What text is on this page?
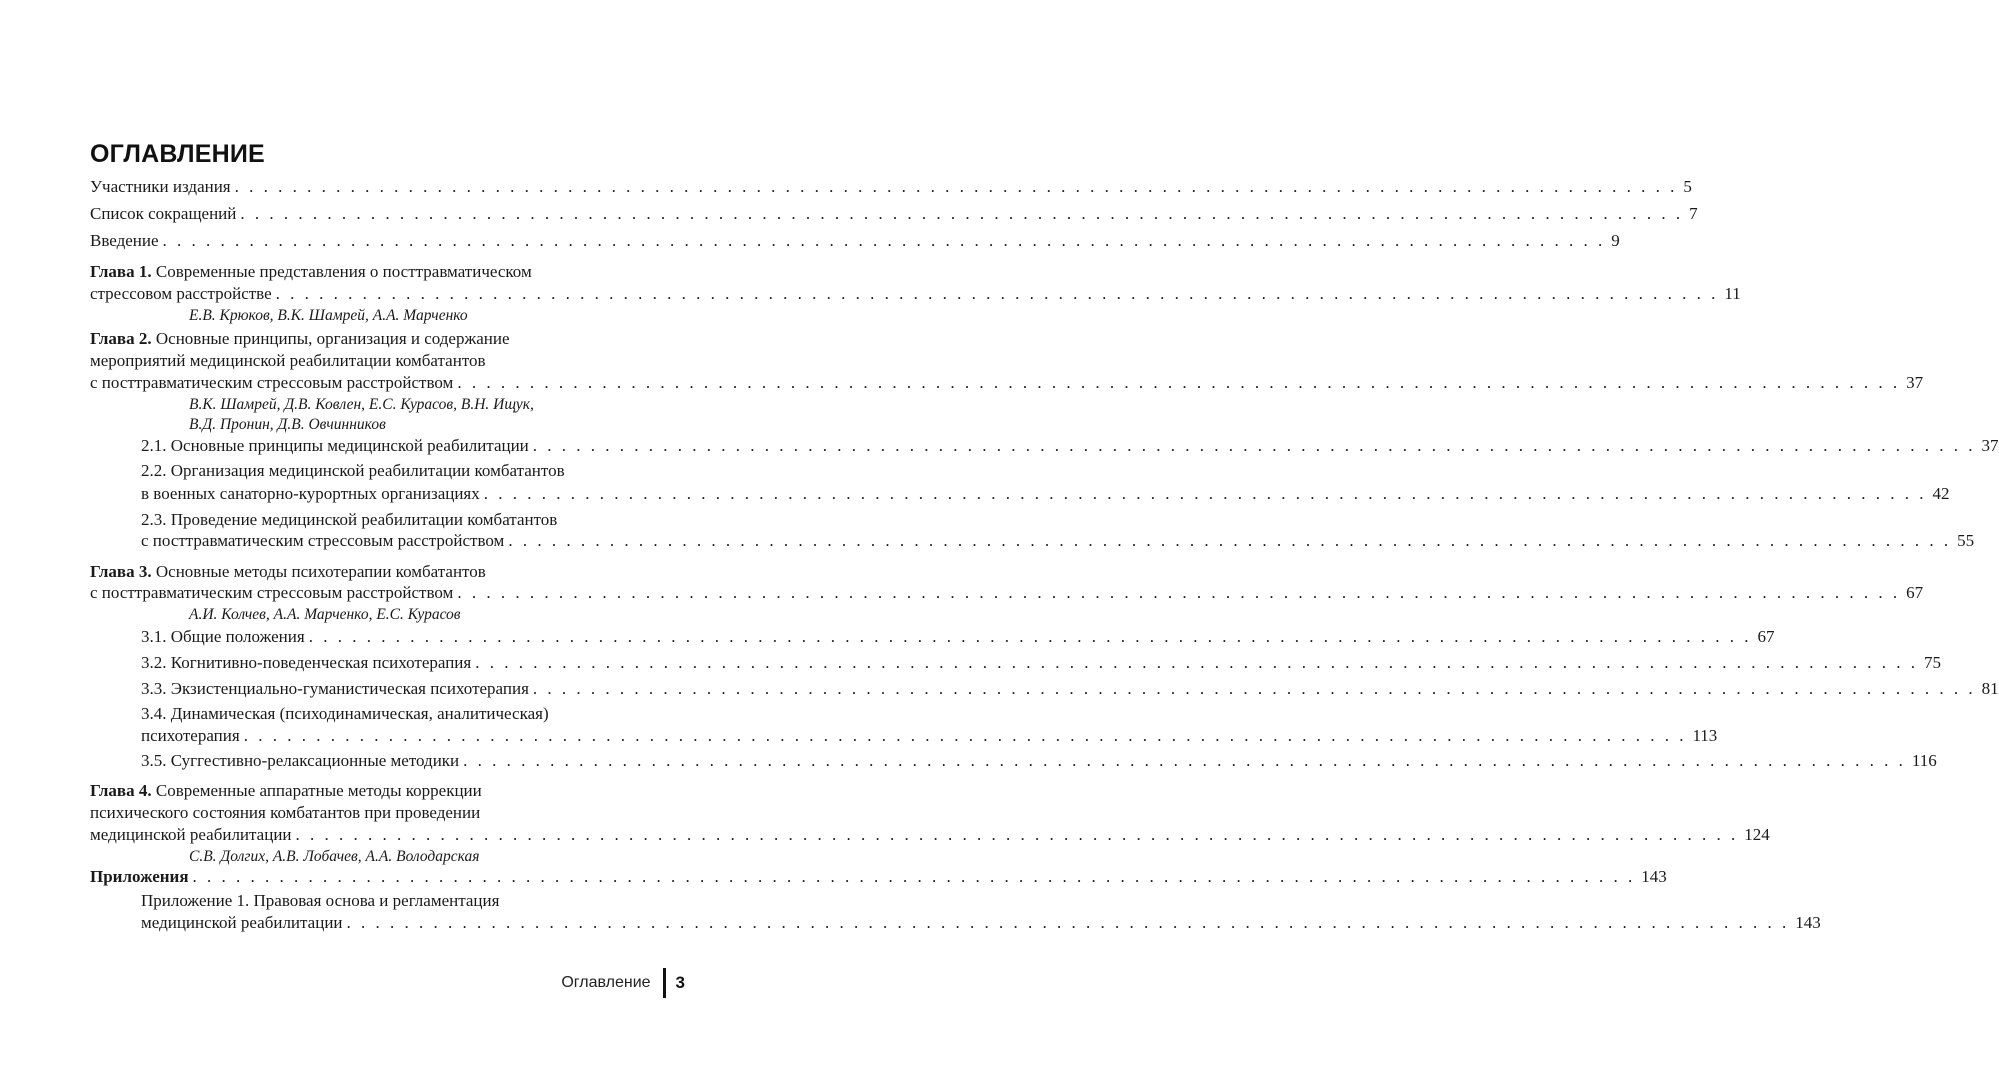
ОГЛАВЛЕНИЕ
Участники издания . . . . . . . . . . . . . . . . . . . . . . . . . . . . . . . . . . . . . . . . . . . . . . . . . . . . . . . . . . . . . . . . . . . . . . . . . . . . . . . . . . . . . . . . . . . . . . . . . . . . 5
Список сокращений . . . . . . . . . . . . . . . . . . . . . . . . . . . . . . . . . . . . . . . . . . . . . . . . . . . . . . . . . . . . . . . . . . . . . . . . . . . . . . . . . . . . . . . . . . . . . . . . . . . . 7
Введение . . . . . . . . . . . . . . . . . . . . . . . . . . . . . . . . . . . . . . . . . . . . . . . . . . . . . . . . . . . . . . . . . . . . . . . . . . . . . . . . . . . . . . . . . . . . . . . . . . . . 9
Глава 1. Современные представления о посттравматическом
стрессовом расстройстве . . . . . . . . . . . . . . . . . . . . . . . . . . . . . . . . . . . . . . . . . . . . . . . . . . . . . . . . . . . . . . . . . . . . . . . . . . . . . . . . . . . . . . . . . . . . . . . . . . . . 11
Е.В. Крюков, В.К. Шамрей, А.А. Марченко
Глава 2. Основные принципы, организация и содержание
мероприятий медицинской реабилитации комбатантов
с посттравматическим стрессовым расстройством . . . . . . . . . . . . . . . . . . . . . . . . . . . . . . . . . . . . . . . . . . . . . . . . . . . . . . . . . . . . . . . . . . . . . . . . . . . . . . . . . . . . . . . . . . . . . . . . . . . . 37
В.К. Шамрей, Д.В. Ковлен, Е.С. Курасов, В.Н. Ищук,
В.Д. Пронин, Д.В. Овчинников
2.1. Основные принципы медицинской реабилитации . . . . . . . . . . . . . . . . . . . . . . . . . . . . . . . . . . . . . . . . . . . . . . . . . . . . . . . . . . . . . . . . . . . . . . . . . . . . . . . . . . . . . . . . . . . . . . . . . . . . 37
2.2. Организация медицинской реабилитации комбатантов
в военных санаторно-курортных организациях . . . . . . . . . . . . . . . . . . . . . . . . . . . . . . . . . . . . . . . . . . . . . . . . . . . . . . . . . . . . . . . . . . . . . . . . . . . . . . . . . . . . . . . . . . . . . . . . . . . . 42
2.3. Проведение медицинской реабилитации комбатантов
с посттравматическим стрессовым расстройством . . . . . . . . . . . . . . . . . . . . . . . . . . . . . . . . . . . . . . . . . . . . . . . . . . . . . . . . . . . . . . . . . . . . . . . . . . . . . . . . . . . . . . . . . . . . . . . . . . . . 55
Глава 3. Основные методы психотерапии комбатантов
с посттравматическим стрессовым расстройством . . . . . . . . . . . . . . . . . . . . . . . . . . . . . . . . . . . . . . . . . . . . . . . . . . . . . . . . . . . . . . . . . . . . . . . . . . . . . . . . . . . . . . . . . . . . . . . . . . . . 67
А.И. Колчев, А.А. Марченко, Е.С. Курасов
3.1. Общие положения . . . . . . . . . . . . . . . . . . . . . . . . . . . . . . . . . . . . . . . . . . . . . . . . . . . . . . . . . . . . . . . . . . . . . . . . . . . . . . . . . . . . . . . . . . . . . . . . . . . . 67
3.2. Когнитивно-поведенческая психотерапия . . . . . . . . . . . . . . . . . . . . . . . . . . . . . . . . . . . . . . . . . . . . . . . . . . . . . . . . . . . . . . . . . . . . . . . . . . . . . . . . . . . . . . . . . . . . . . . . . . . . 75
3.3. Экзистенциально-гуманистическая психотерапия . . . . . . . . . . . . . . . . . . . . . . . . . . . . . . . . . . . . . . . . . . . . . . . . . . . . . . . . . . . . . . . . . . . . . . . . . . . . . . . . . . . . . . . . . . . . . . . . . . . . 81
3.4. Динамическая (психодинамическая, аналитическая)
психотерапия . . . . . . . . . . . . . . . . . . . . . . . . . . . . . . . . . . . . . . . . . . . . . . . . . . . . . . . . . . . . . . . . . . . . . . . . . . . . . . . . . . . . . . . . . . . . . . . . . . . . 113
3.5. Суггестивно-релаксационные методики . . . . . . . . . . . . . . . . . . . . . . . . . . . . . . . . . . . . . . . . . . . . . . . . . . . . . . . . . . . . . . . . . . . . . . . . . . . . . . . . . . . . . . . . . . . . . . . . . . . . 116
Глава 4. Современные аппаратные методы коррекции
психического состояния комбатантов при проведении
медицинской реабилитации . . . . . . . . . . . . . . . . . . . . . . . . . . . . . . . . . . . . . . . . . . . . . . . . . . . . . . . . . . . . . . . . . . . . . . . . . . . . . . . . . . . . . . . . . . . . . . . . . . . . 124
С.В. Долгих, А.В. Лобачев, А.А. Володарская
Приложения . . . . . . . . . . . . . . . . . . . . . . . . . . . . . . . . . . . . . . . . . . . . . . . . . . . . . . . . . . . . . . . . . . . . . . . . . . . . . . . . . . . . . . . . . . . . . . . . . . . . 143
Приложение 1. Правовая основа и регламентация
медицинской реабилитации . . . . . . . . . . . . . . . . . . . . . . . . . . . . . . . . . . . . . . . . . . . . . . . . . . . . . . . . . . . . . . . . . . . . . . . . . . . . . . . . . . . . . . . . . . . . . . . . . . . . 143
Оглавление 3
